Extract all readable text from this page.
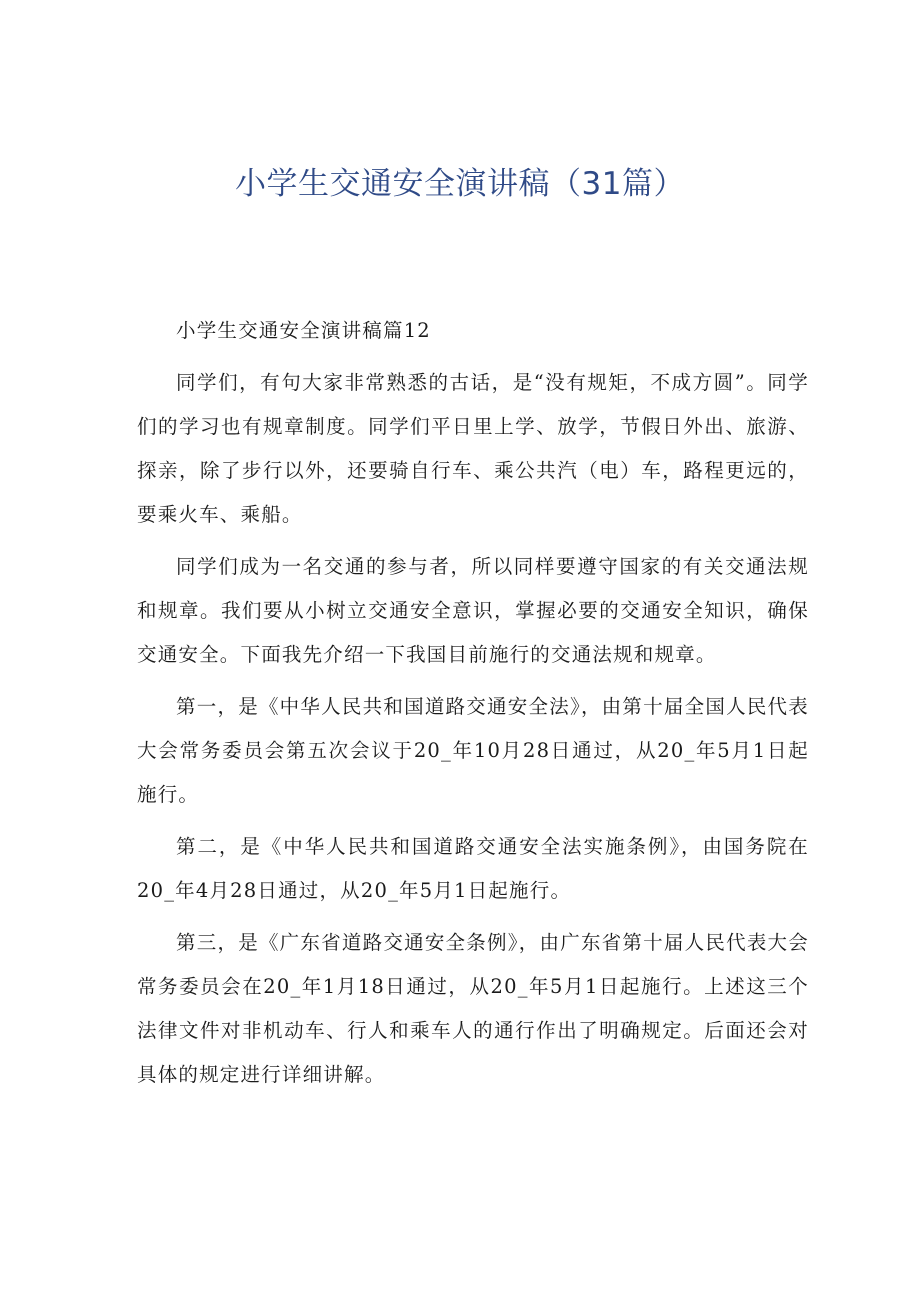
小学生交通安全演讲稿（31篇）

小学生交通安全演讲稿篇12

同学们，有句大家非常熟悉的古话，是“没有规矩，不成方圆”。同学们的学习也有规章制度。同学们平日里上学、放学，节假日外出、旅游、探亲，除了步行以外，还要骑自行车、乘公共汽（电）车，路程更远的，要乘火车、乘船。

同学们成为一名交通的参与者，所以同样要遵守国家的有关交通法规和规章。我们要从小树立交通安全意识，掌握必要的交通安全知识，确保交通安全。下面我先介绍一下我国目前施行的交通法规和规章。

第一，是《中华人民共和国道路交通安全法》，由第十届全国人民代表大会常务委员会第五次会议于20_年10月28日通过，从20_年5月1日起施行。

第二，是《中华人民共和国道路交通安全法实施条例》，由国务院在20_年4月28日通过，从20_年5月1日起施行。

第三，是《广东省道路交通安全条例》，由广东省第十届人民代表大会常务委员会在20_年1月18日通过，从20_年5月1日起施行。上述这三个法律文件对非机动车、行人和乘车人的通行作出了明确规定。后面还会对具体的规定进行详细讲解。
